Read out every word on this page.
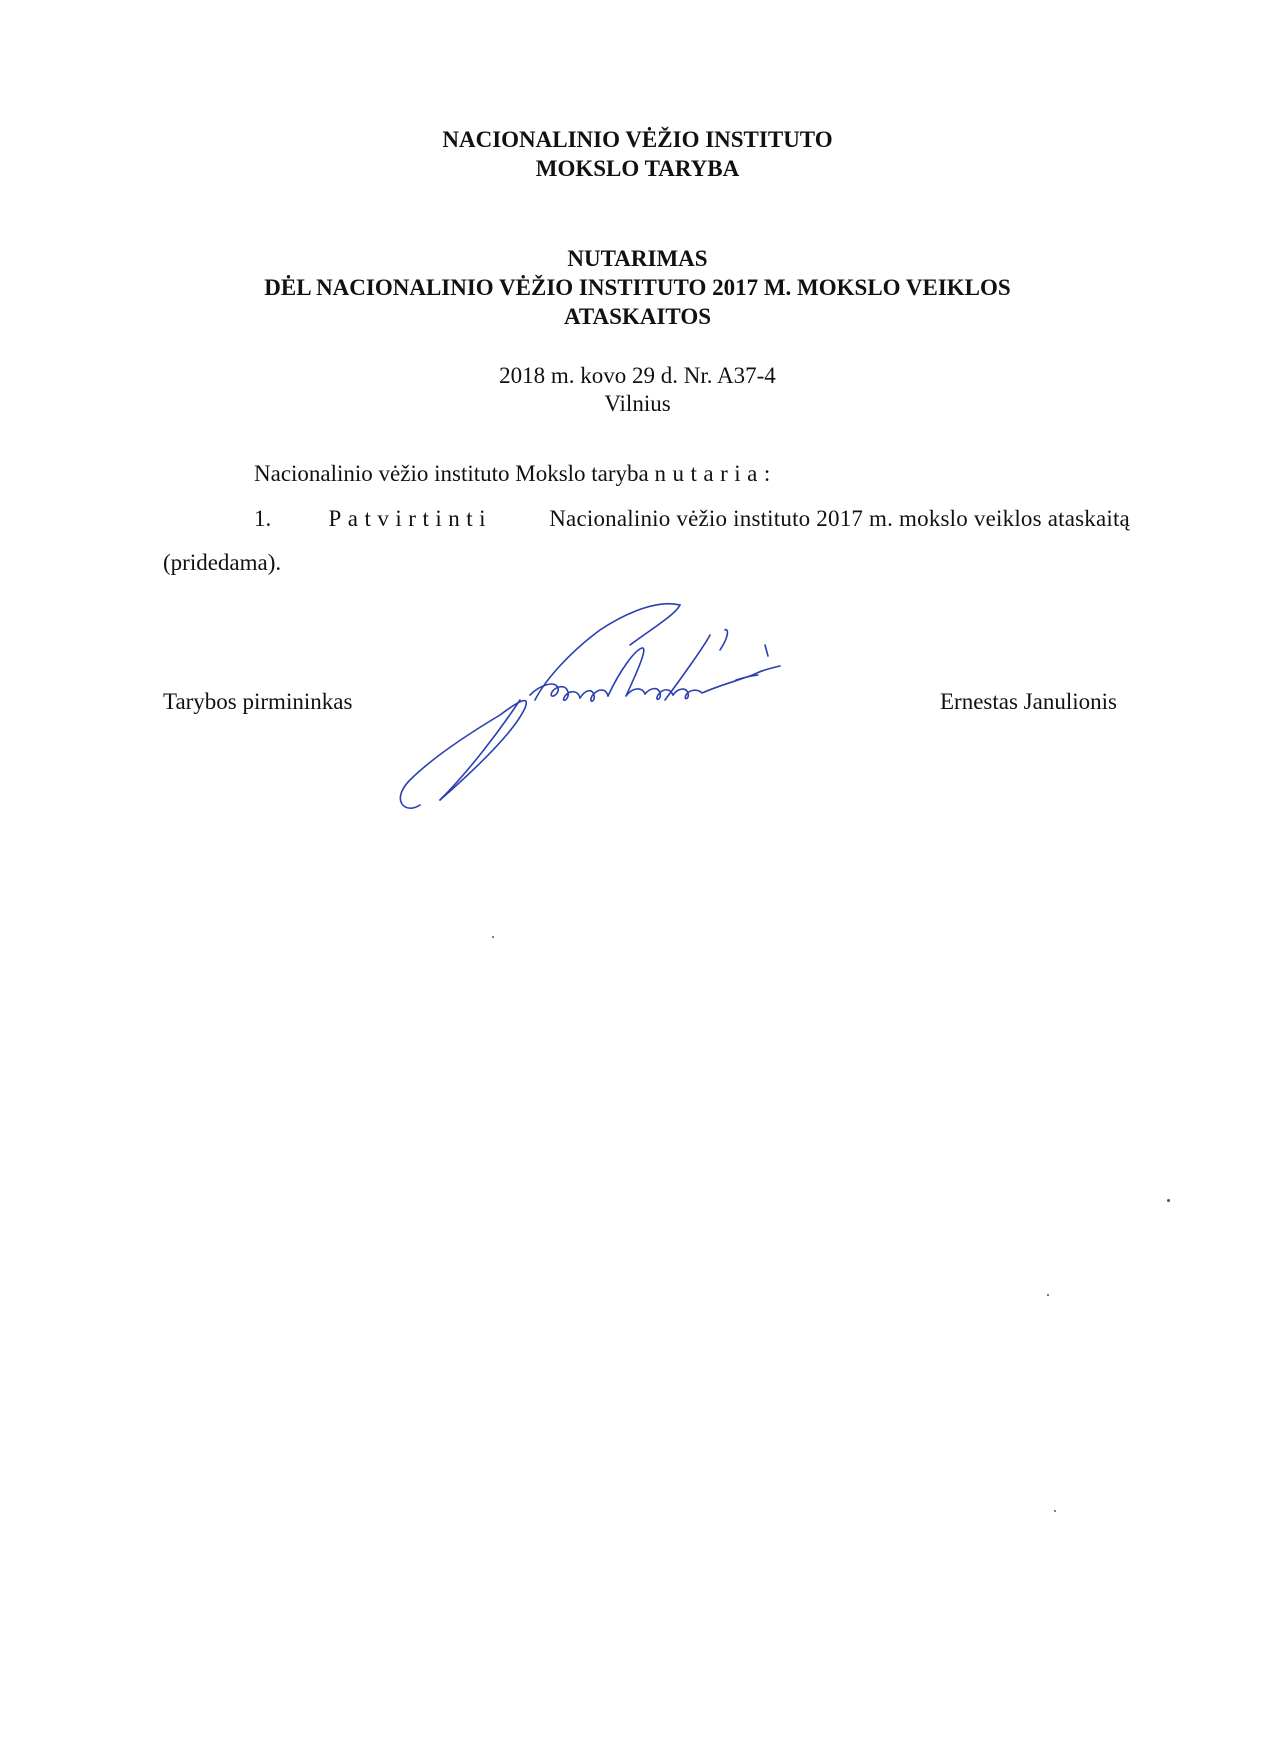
NACIONALINIO VĖŽIO INSTITUTO
MOKSLO TARYBA
NUTARIMAS
DĖL NACIONALINIO VĖŽIO INSTITUTO 2017 M. MOKSLO VEIKLOS
ATASKAITOS
2018 m. kovo 29 d. Nr. A37-4
Vilnius
Nacionalinio vėžio instituto Mokslo taryba nutaria:
1. Patvirtinti Nacionalinio vėžio instituto 2017 m. mokslo veiklos ataskaitą
(pridedama).
Tarybos pirmininkas	Ernestas Janulionis
